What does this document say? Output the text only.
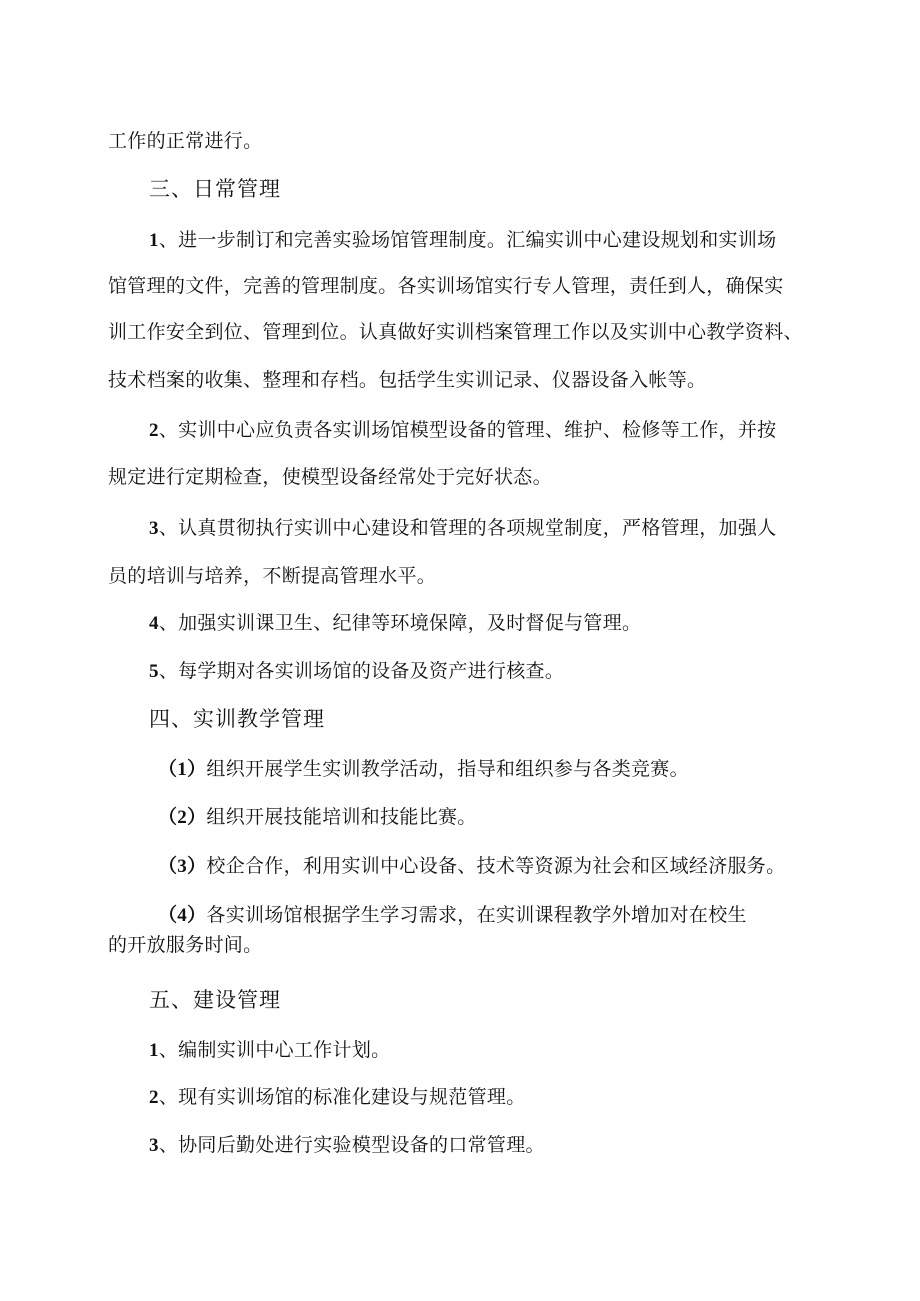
工作的正常进行。
三、日常管理
1、进一步制订和完善实验场馆管理制度。汇编实训中心建设规划和实训场
馆管理的文件，完善的管理制度。各实训场馆实行专人管理，责任到人，确保实
训工作安全到位、管理到位。认真做好实训档案管理工作以及实训中心教学资料、
技术档案的收集、整理和存档。包括学生实训记录、仪器设备入帐等。
2、实训中心应负责各实训场馆模型设备的管理、维护、检修等工作，并按
规定进行定期检查，使模型设备经常处于完好状态。
3、认真贯彻执行实训中心建设和管理的各项规堂制度，严格管理，加强人
员的培训与培养，不断提高管理水平。
4、加强实训课卫生、纪律等环境保障，及时督促与管理。
5、每学期对各实训场馆的设备及资产进行核查。
四、实训教学管理
（1）组织开展学生实训教学活动，指导和组织参与各类竞赛。
（2）组织开展技能培训和技能比赛。
（3）校企合作，利用实训中心设备、技术等资源为社会和区域经济服务。
（4）各实训场馆根据学生学习需求，在实训课程教学外增加对在校生
的开放服务时间。
五、建设管理
1、编制实训中心工作计划。
2、现有实训场馆的标准化建设与规范管理。
3、协同后勤处进行实验模型设备的口常管理。
